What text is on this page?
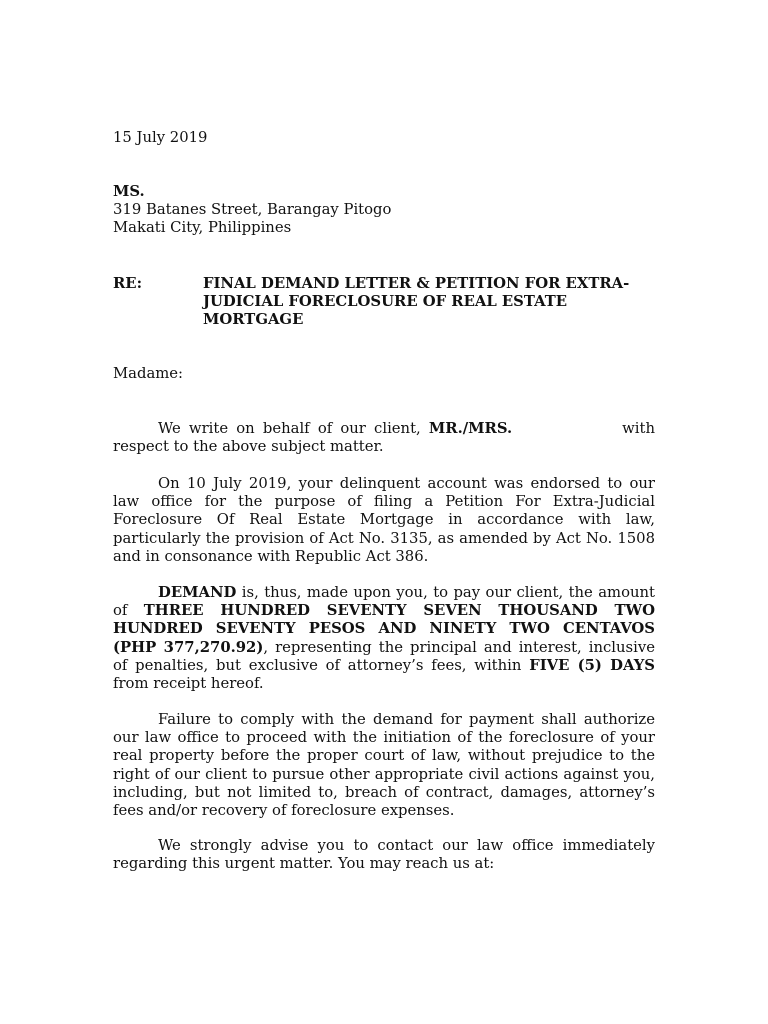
15 July 2019

MS.
319 Batanes Street, Barangay Pitogo
Makati City, Philippines
RE:	FINAL DEMAND LETTER & PETITION FOR EXTRA-JUDICIAL FORECLOSURE OF REAL ESTATE MORTGAGE

Madame:

We write on behalf of our client, MR./MRS.	with respect to the above subject matter.

On 10 July 2019, your delinquent account was endorsed to our law office for the purpose of filing a Petition For Extra-Judicial Foreclosure Of Real Estate Mortgage in accordance with law, particularly the provision of Act No. 3135, as amended by Act No. 1508 and in consonance with Republic Act 386.

DEMAND is, thus, made upon you, to pay our client, the amount of THREE HUNDRED SEVENTY SEVEN THOUSAND TWO HUNDRED SEVENTY PESOS AND NINETY TWO CENTAVOS (PHP 377,270.92), representing the principal and interest, inclusive of penalties, but exclusive of attorney’s fees, within FIVE (5) DAYS from receipt hereof.

Failure to comply with the demand for payment shall authorize our law office to proceed with the initiation of the foreclosure of your real property before the proper court of law, without prejudice to the right of our client to pursue other appropriate civil actions against you, including, but not limited to, breach of contract, damages, attorney’s fees and/or recovery of foreclosure expenses.

We strongly advise you to contact our law office immediately regarding this urgent matter. You may reach us at:
